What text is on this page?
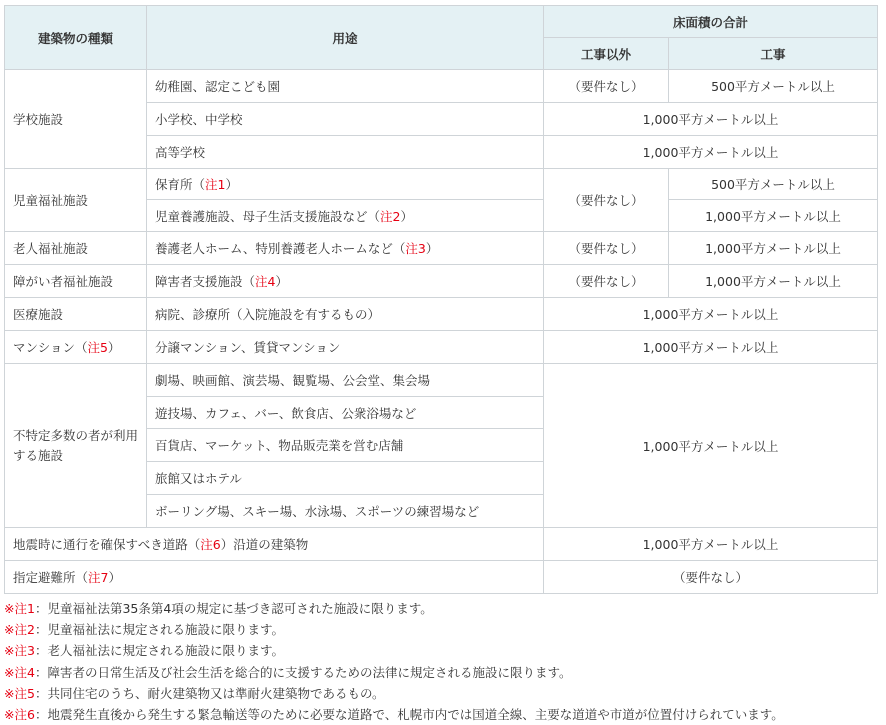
建築物の種類	用途	床面積の合計	
		工事以外	工事
学校施設	幼稚園、認定こども園	（要件なし）	500平方メートル以上
	小学校、中学校	1,000平方メートル以上	
	高等学校	1,000平方メートル以上	
児童福祉施設	保育所（注1）	（要件なし）	500平方メートル以上
	児童養護施設、母子生活支援施設など（注2）		1,000平方メートル以上
老人福祉施設	養護老人ホーム、特別養護老人ホームなど（注3）	（要件なし）	1,000平方メートル以上
障がい者福祉施設	障害者支援施設（注4）	（要件なし）	1,000平方メートル以上
医療施設	病院、診療所（入院施設を有するもの）	1,000平方メートル以上	
マンション（注5）	分譲マンション、賃貸マンション	1,000平方メートル以上	
不特定多数の者が利用する施設	劇場、映画館、演芸場、観覧場、公会堂、集会場	1,000平方メートル以上	
	遊技場、カフェ、バー、飲食店、公衆浴場など		
	百貨店、マーケット、物品販売業を営む店舗		
	旅館又はホテル		
	ボーリング場、スキー場、水泳場、スポーツの練習場など		
地震時に通行を確保すべき道路（注6）沿道の建築物		1,000平方メートル以上	
指定避難所（注7）		（要件なし）	
※注1：児童福祉法第35条第4項の規定に基づき認可された施設に限ります。
※注2：児童福祉法に規定される施設に限ります。
※注3：老人福祉法に規定される施設に限ります。
※注4：障害者の日常生活及び社会生活を総合的に支援するための法律に規定される施設に限ります。
※注5：共同住宅のうち、耐火建築物又は準耐火建築物であるもの。
※注6：地震発生直後から発生する緊急輸送等のために必要な道路で、札幌市内では国道全線、主要な道道や市道が位置付けられています。
